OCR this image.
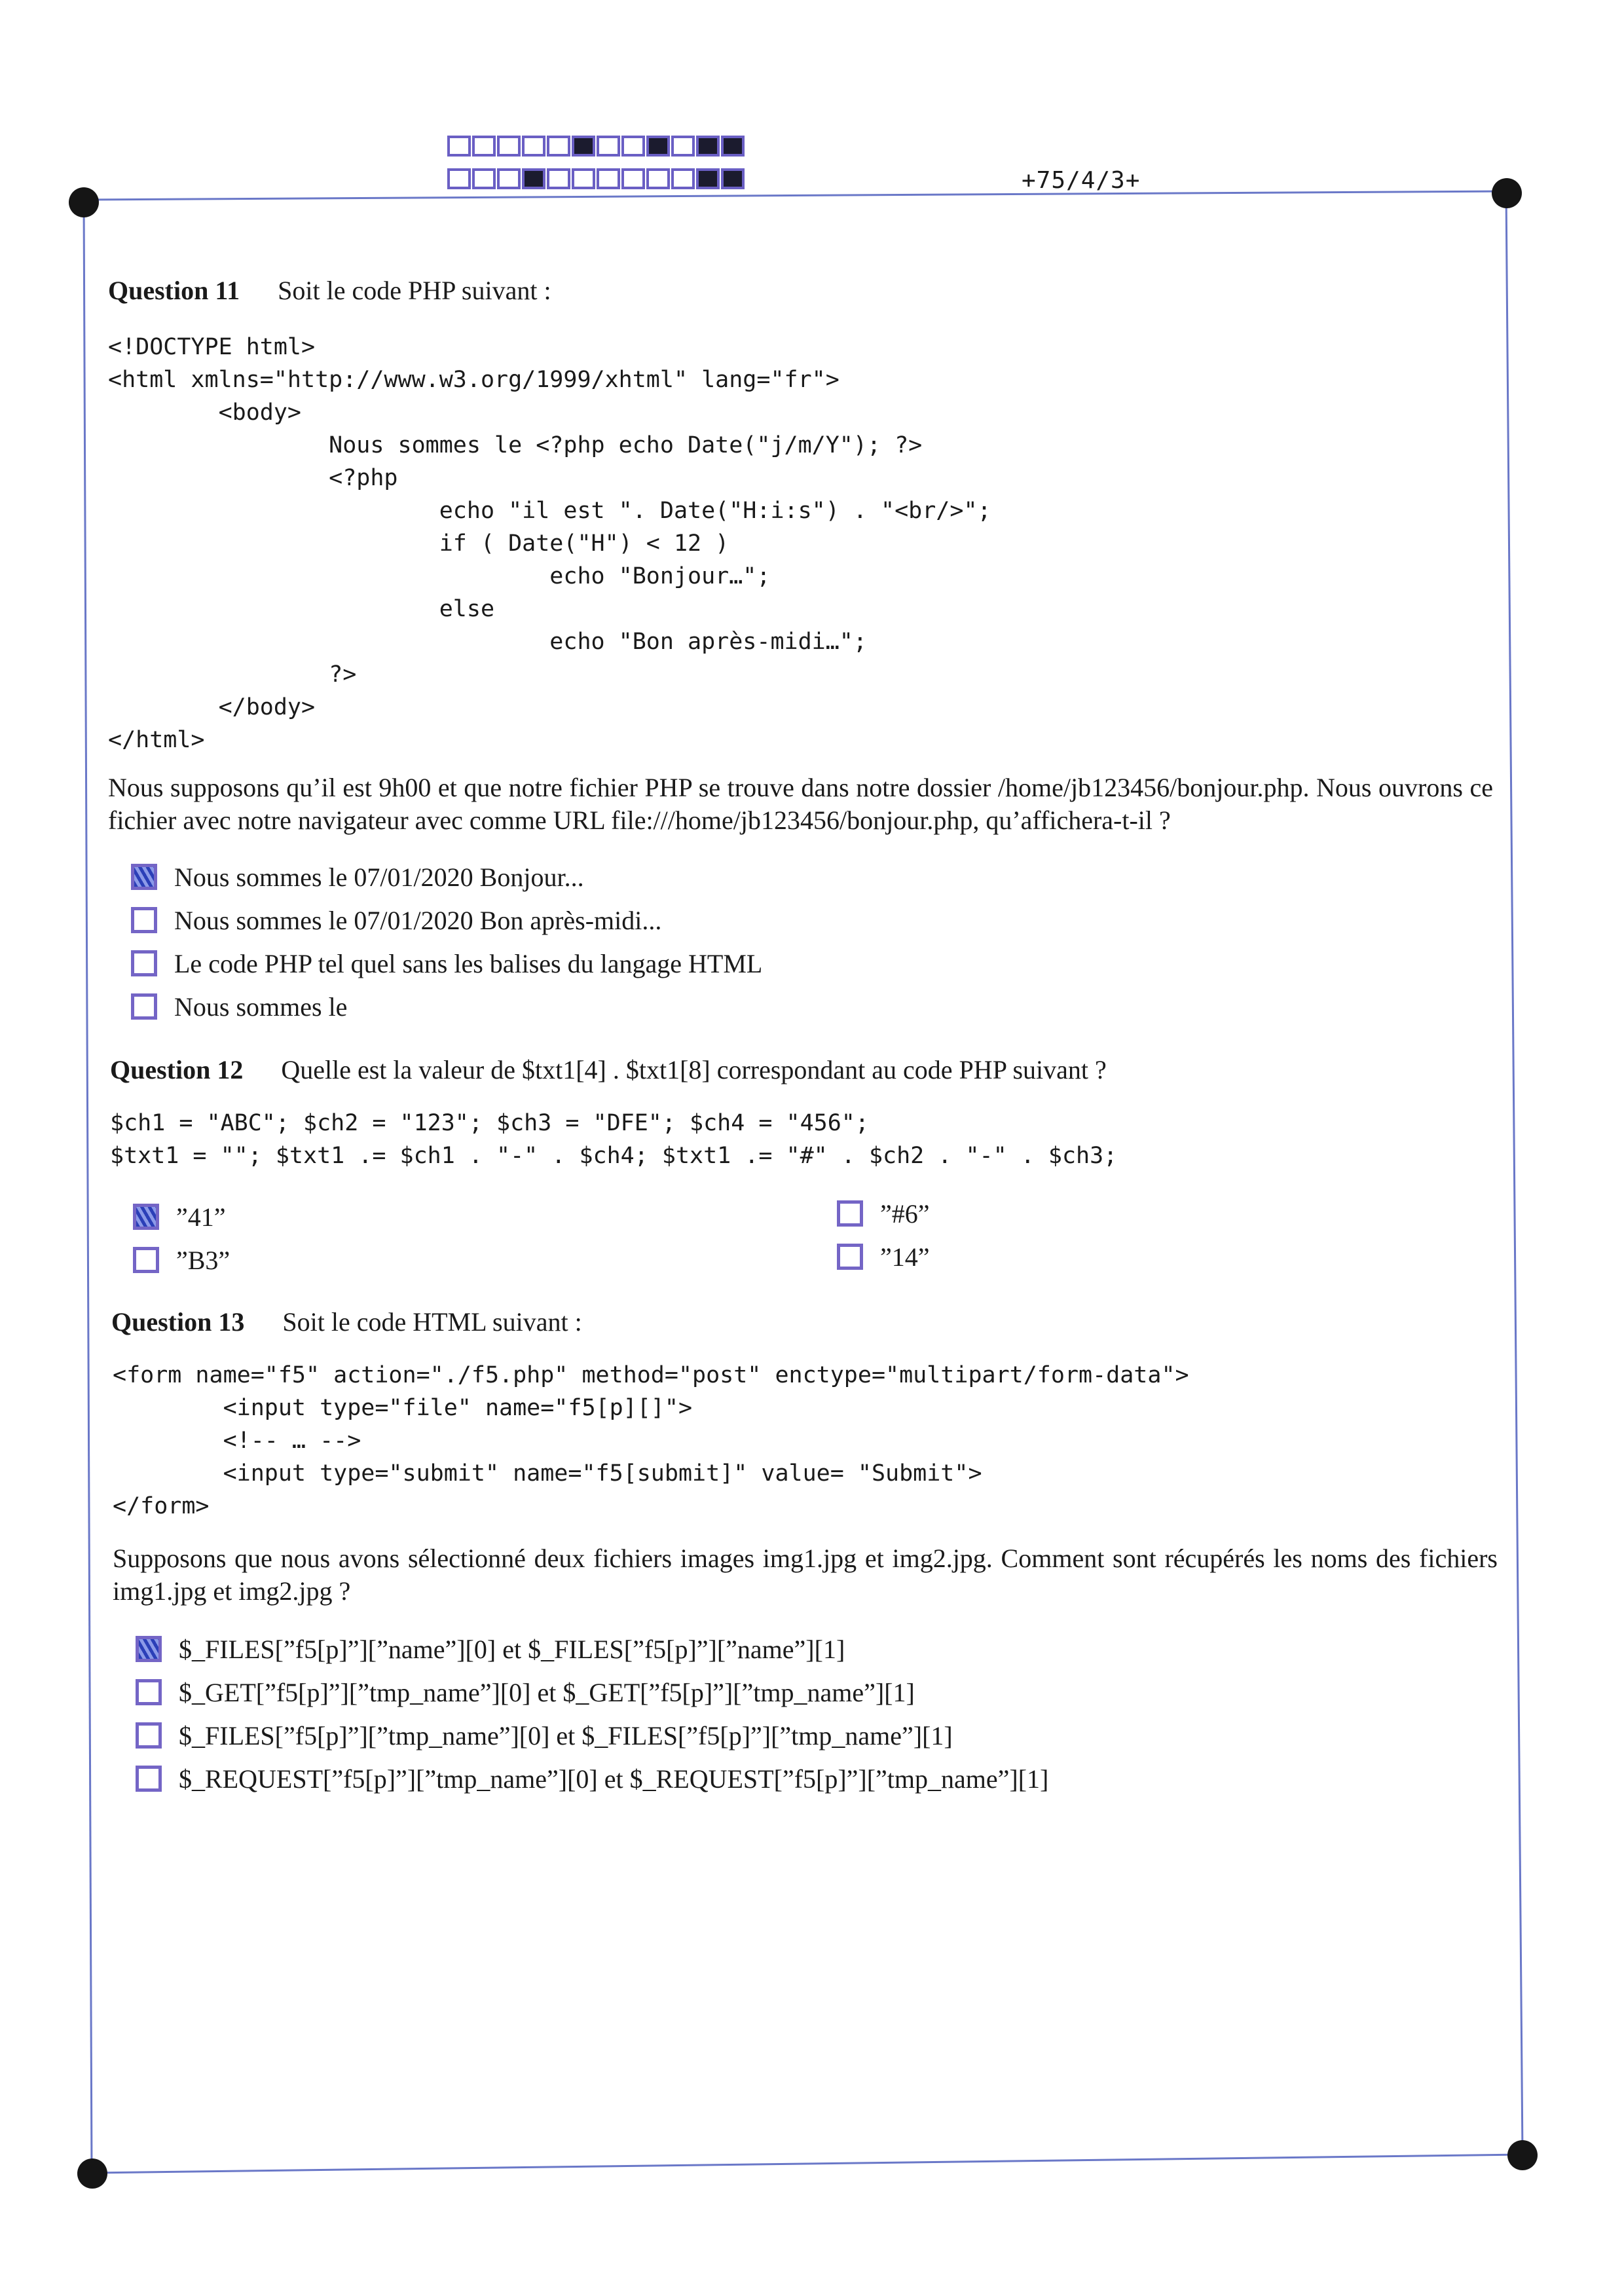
+75/4/3+
Question 11 Soit le code PHP suivant :
<!DOCTYPE html>
<html xmlns="http://www.w3.org/1999/xhtml" lang="fr">
<body>
Nous sommes le <?php echo Date("j/m/Y"); ?>
<?php
echo "il est ". Date("H:i:s") . "<br/>";
if ( Date("H") < 12 )
echo "Bonjour…";
else
echo "Bon après-midi…";
?>
</body>
</html>
Nous supposons qu’il est 9h00 et que notre fichier PHP se trouve dans notre dossier /home/jb123456/bonjour.php. Nous ouvrons ce fichier avec notre navigateur avec comme URL file:///home/jb123456/bonjour.php, qu’affichera-t-il ?
Nous sommes le 07/01/2020 Bonjour...
Nous sommes le 07/01/2020 Bon après-midi...
Le code PHP tel quel sans les balises du langage HTML
Nous sommes le
Question 12 Quelle est la valeur de $txt1[4] . $txt1[8] correspondant au code PHP suivant ?
$ch1 = "ABC"; $ch2 = "123"; $ch3 = "DFE"; $ch4 = "456";
$txt1 = ""; $txt1 .= $ch1 . "-" . $ch4; $txt1 .= "#" . $ch2 . "-" . $ch3;
”41”
”B3”
”#6”
”14”
Question 13 Soit le code HTML suivant :
<form name="f5" action="./f5.php" method="post" enctype="multipart/form-data">
<input type="file" name="f5[p][]">
<!-- … -->
<input type="submit" name="f5[submit]" value= "Submit">
</form>
Supposons que nous avons sélectionné deux fichiers images img1.jpg et img2.jpg. Comment sont récupérés les noms des fichiers img1.jpg et img2.jpg ?
$_FILES[”f5[p]”][”name”][0] et $_FILES[”f5[p]”][”name”][1]
$_GET[”f5[p]”][”tmp_name”][0] et $_GET[”f5[p]”][”tmp_name”][1]
$_FILES[”f5[p]”][”tmp_name”][0] et $_FILES[”f5[p]”][”tmp_name”][1]
$_REQUEST[”f5[p]”][”tmp_name”][0] et $_REQUEST[”f5[p]”][”tmp_name”][1]
